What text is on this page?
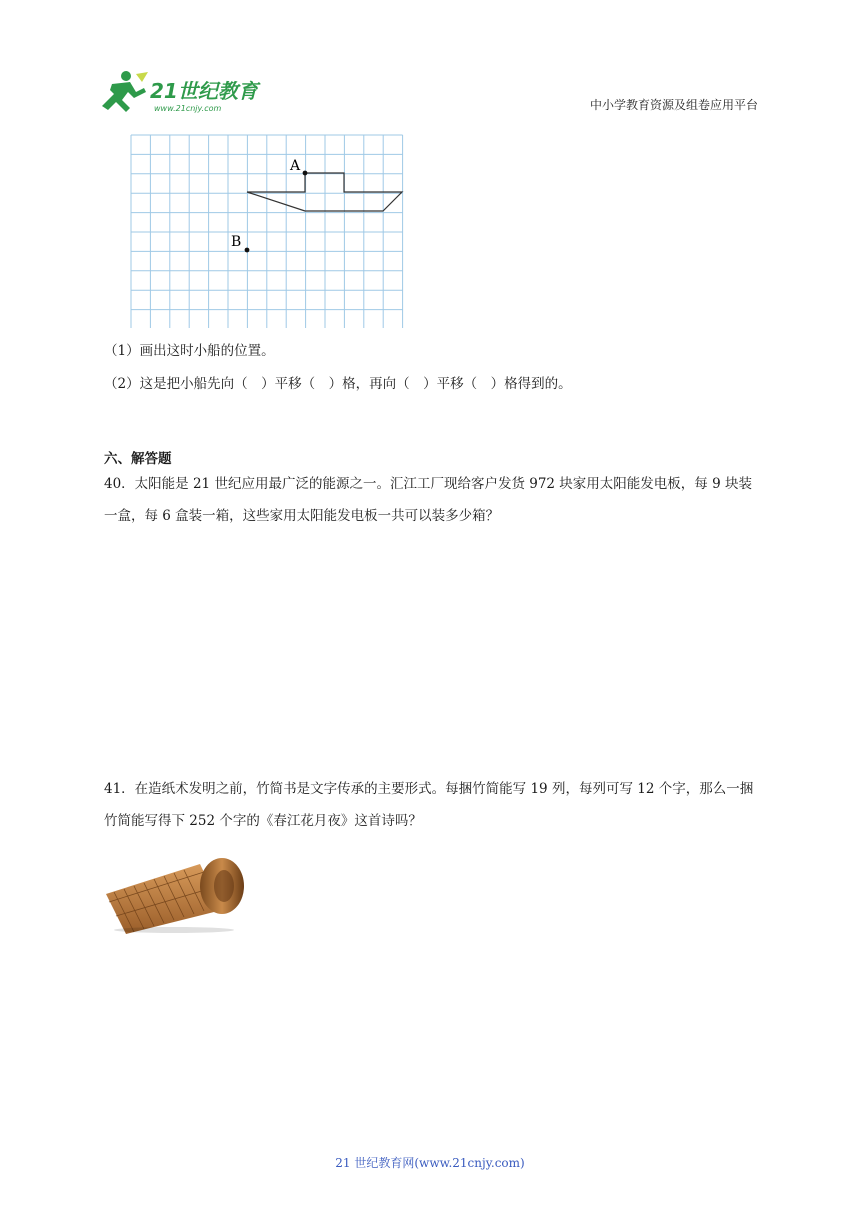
21世纪教育
www.21cnjy.com	中小学教育资源及组卷应用平台
A
B
（1）画出这时小船的位置。
（2）这是把小船先向（　）平移（　）格，再向（　）平移（　）格得到的。
六、解答题
40．太阳能是 21 世纪应用最广泛的能源之一。汇江工厂现给客户发货 972 块家用太阳能发电板，每 9 块装一盒，每 6 盒装一箱，这些家用太阳能发电板一共可以装多少箱？
41．在造纸术发明之前，竹简书是文字传承的主要形式。每捆竹简能写 19 列，每列可写 12 个字，那么一捆竹简能写得下 252 个字的《春江花月夜》这首诗吗？
21 世纪教育网(www.21cnjy.com)
